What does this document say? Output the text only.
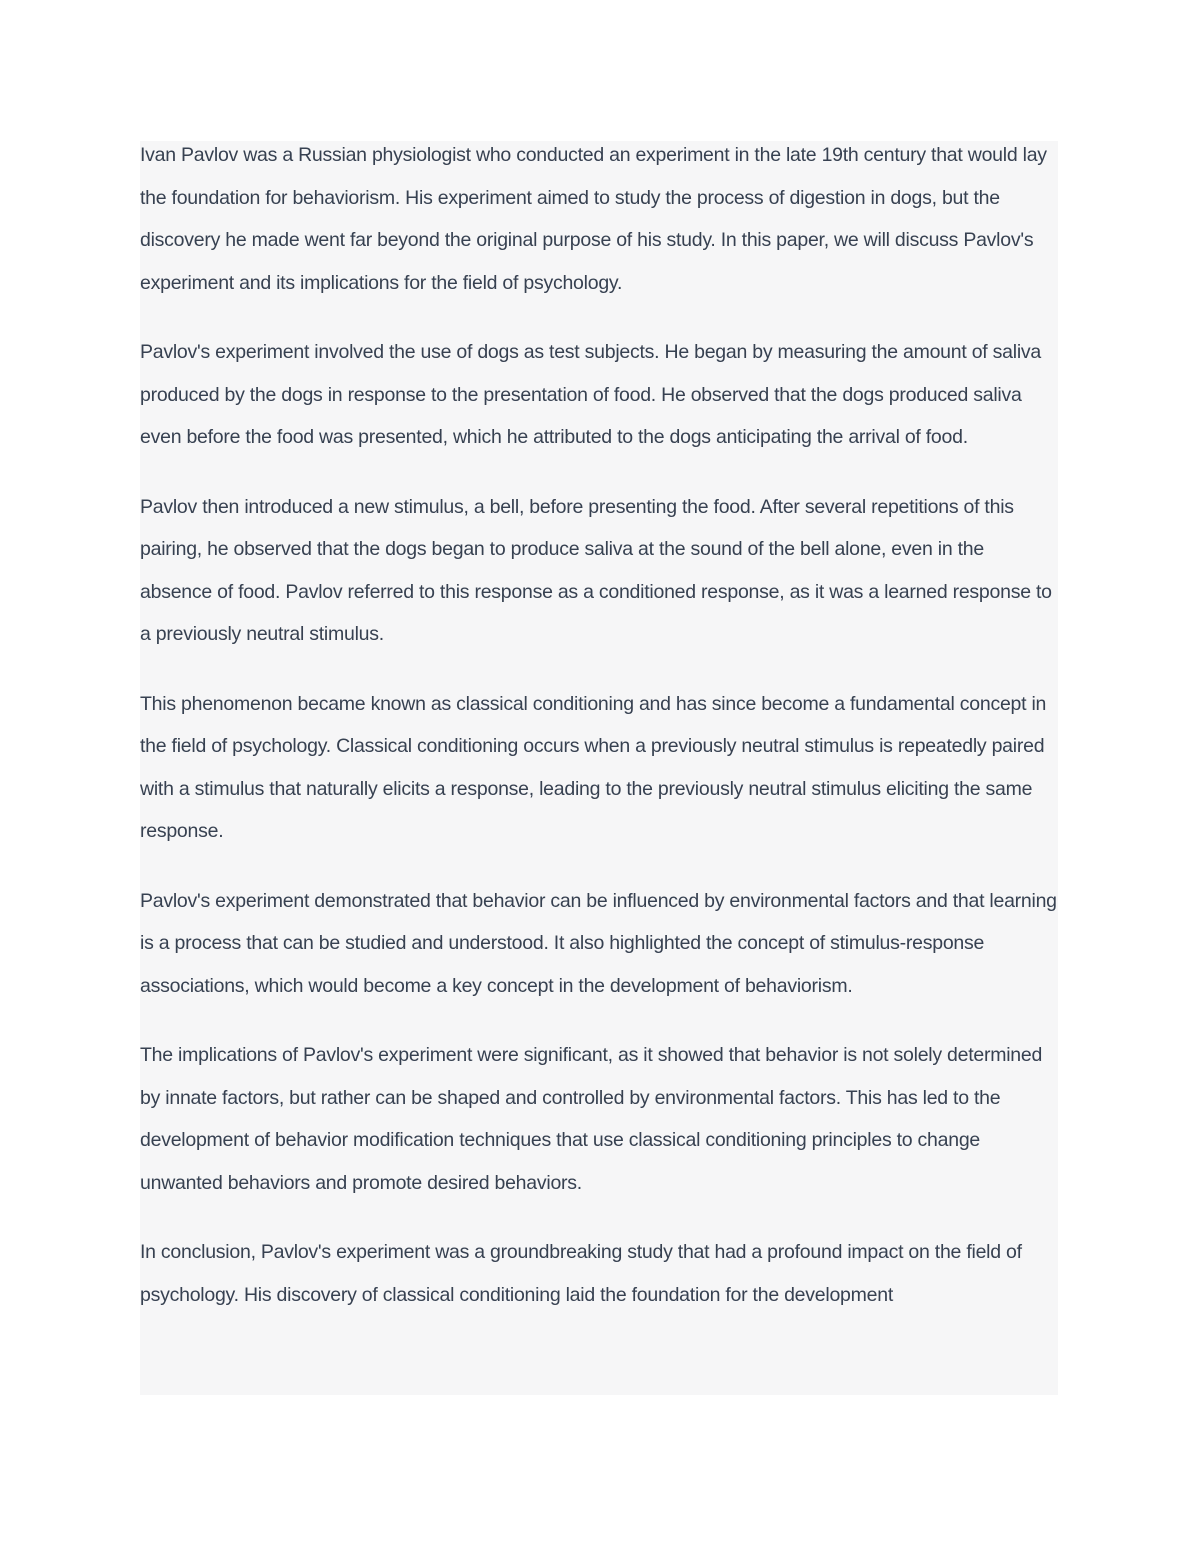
Ivan Pavlov was a Russian physiologist who conducted an experiment in the late 19th century that would lay the foundation for behaviorism. His experiment aimed to study the process of digestion in dogs, but the discovery he made went far beyond the original purpose of his study. In this paper, we will discuss Pavlov's experiment and its implications for the field of psychology.

Pavlov's experiment involved the use of dogs as test subjects. He began by measuring the amount of saliva produced by the dogs in response to the presentation of food. He observed that the dogs produced saliva even before the food was presented, which he attributed to the dogs anticipating the arrival of food.

Pavlov then introduced a new stimulus, a bell, before presenting the food. After several repetitions of this pairing, he observed that the dogs began to produce saliva at the sound of the bell alone, even in the absence of food. Pavlov referred to this response as a conditioned response, as it was a learned response to a previously neutral stimulus.

This phenomenon became known as classical conditioning and has since become a fundamental concept in the field of psychology. Classical conditioning occurs when a previously neutral stimulus is repeatedly paired with a stimulus that naturally elicits a response, leading to the previously neutral stimulus eliciting the same response.

Pavlov's experiment demonstrated that behavior can be influenced by environmental factors and that learning is a process that can be studied and understood. It also highlighted the concept of stimulus-response associations, which would become a key concept in the development of behaviorism.

The implications of Pavlov's experiment were significant, as it showed that behavior is not solely determined by innate factors, but rather can be shaped and controlled by environmental factors. This has led to the development of behavior modification techniques that use classical conditioning principles to change unwanted behaviors and promote desired behaviors.

In conclusion, Pavlov's experiment was a groundbreaking study that had a profound impact on the field of psychology. His discovery of classical conditioning laid the foundation for the development
